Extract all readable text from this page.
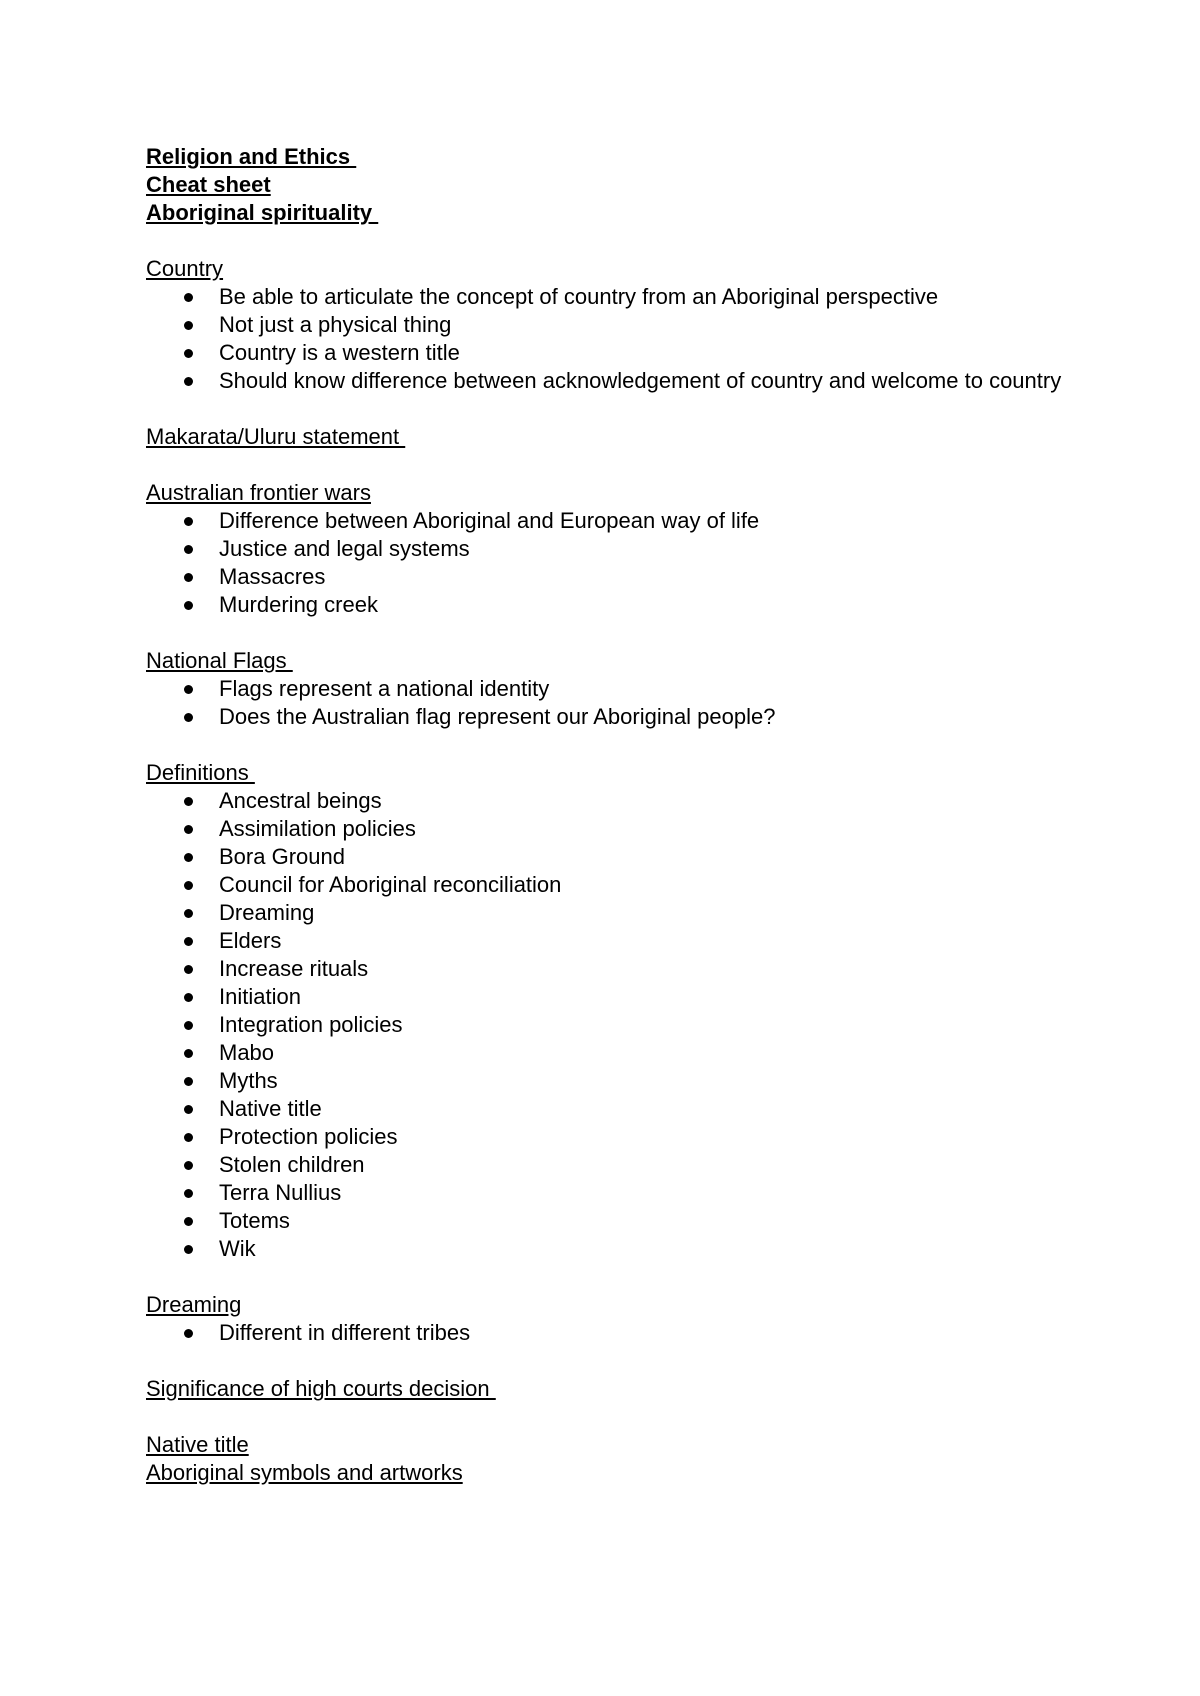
Religion and Ethics
Cheat sheet
Aboriginal spirituality
Country
Be able to articulate the concept of country from an Aboriginal perspective
Not just a physical thing
Country is a western title
Should know difference between acknowledgement of country and welcome to country
Makarata/Uluru statement
Australian frontier wars
Difference between Aboriginal and European way of life
Justice and legal systems
Massacres
Murdering creek
National Flags
Flags represent a national identity
Does the Australian flag represent our Aboriginal people?
Definitions
Ancestral beings
Assimilation policies
Bora Ground
Council for Aboriginal reconciliation
Dreaming
Elders
Increase rituals
Initiation
Integration policies
Mabo
Myths
Native title
Protection policies
Stolen children
Terra Nullius
Totems
Wik
Dreaming
Different in different tribes
Significance of high courts decision
Native title
Aboriginal symbols and artworks
